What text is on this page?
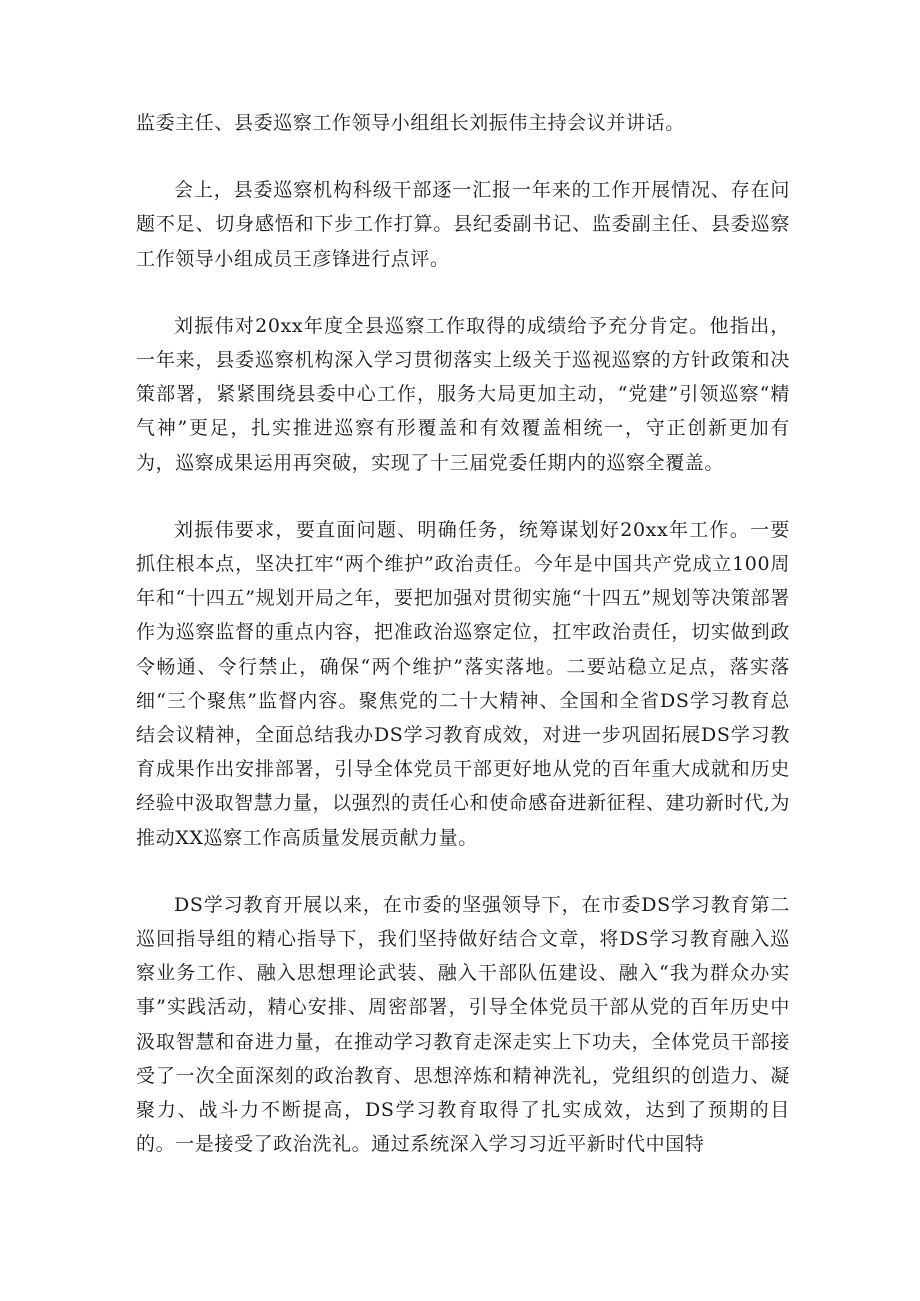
监委主任、县委巡察工作领导小组组长刘振伟主持会议并讲话。

会上，县委巡察机构科级干部逐一汇报一年来的工作开展情况、存在问题不足、切身感悟和下步工作打算。县纪委副书记、监委副主任、县委巡察工作领导小组成员王彦锋进行点评。

刘振伟对20xx年度全县巡察工作取得的成绩给予充分肯定。他指出，一年来，县委巡察机构深入学习贯彻落实上级关于巡视巡察的方针政策和决策部署，紧紧围绕县委中心工作，服务大局更加主动，“党建”引领巡察“精气神”更足，扎实推进巡察有形覆盖和有效覆盖相统一，守正创新更加有为，巡察成果运用再突破，实现了十三届党委任期内的巡察全覆盖。

刘振伟要求，要直面问题、明确任务，统筹谋划好20xx年工作。一要抓住根本点，坚决扛牢“两个维护”政治责任。今年是中国共产党成立100周年和“十四五”规划开局之年，要把加强对贯彻实施“十四五”规划等决策部署作为巡察监督的重点内容，把准政治巡察定位，扛牢政治责任，切实做到政令畅通、令行禁止，确保“两个维护”落实落地。二要站稳立足点，落实落细“三个聚焦”监督内容。聚焦党的二十大精神、全国和全省DS学习教育总结会议精神，全面总结我办DS学习教育成效，对进一步巩固拓展DS学习教育成果作出安排部署，引导全体党员干部更好地从党的百年重大成就和历史经验中汲取智慧力量，以强烈的责任心和使命感奋进新征程、建功新时代,为推动XX巡察工作高质量发展贡献力量。

DS学习教育开展以来，在市委的坚强领导下，在市委DS学习教育第二巡回指导组的精心指导下，我们坚持做好结合文章，将DS学习教育融入巡察业务工作、融入思想理论武装、融入干部队伍建设、融入“我为群众办实事”实践活动，精心安排、周密部署，引导全体党员干部从党的百年历史中汲取智慧和奋进力量，在推动学习教育走深走实上下功夫，全体党员干部接受了一次全面深刻的政治教育、思想淬炼和精神洗礼，党组织的创造力、凝聚力、战斗力不断提高，DS学习教育取得了扎实成效，达到了预期的目的。一是接受了政治洗礼。通过系统深入学习习近平新时代中国特
